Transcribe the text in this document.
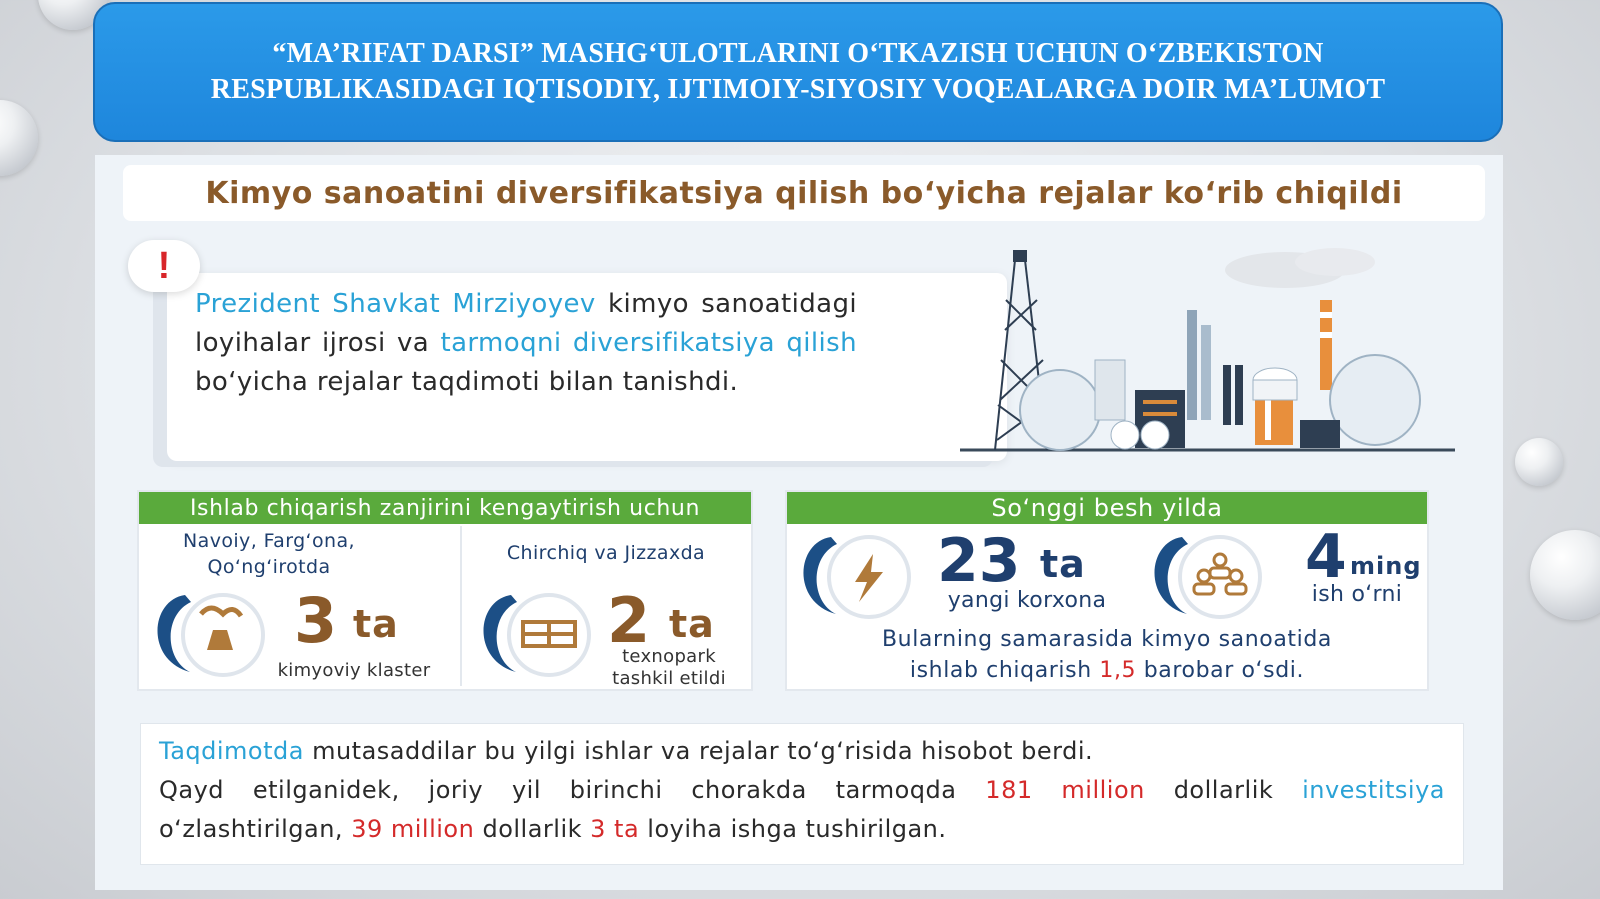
“MA’RIFAT DARSI” MASHG‘ULOTLARINI O‘TKAZISH UCHUN O‘ZBEKISTON
RESPUBLIKASIDAGI IQTISODIY, IJTIMOIY-SIYOSIY VOQEALARGA DOIR MA’LUMOT
Kimyo sanoatini diversifikatsiya qilish bo‘yicha rejalar ko‘rib chiqildi
Prezident Shavkat Mirziyoyev kimyo sanoatidagi loyihalar ijrosi va tarmoqni diversifikatsiya qilish bo‘yicha rejalar taqdimoti bilan tanishdi.
!
Ishlab chiqarish zanjirini kengaytirish uchun
Navoiy, Farg‘ona, Qo‘ng‘irotda
3 ta
kimyoviy klaster
Chirchiq va Jizzaxda
2 ta
texnopark
tashkil etildi
So‘nggi besh yilda
23 ta
yangi korxona
4 ming
ish o‘rni
Bularning samarasida kimyo sanoatida
ishlab chiqarish 1,5 barobar o‘sdi.
Taqdimotda mutasaddilar bu yilgi ishlar va rejalar to‘g‘risida hisobot berdi.
Qayd etilganidek, joriy yil birinchi chorakda tarmoqda 181 million dollarlik investitsiya
o‘zlashtirilgan, 39 million dollarlik 3 ta loyiha ishga tushirilgan.
